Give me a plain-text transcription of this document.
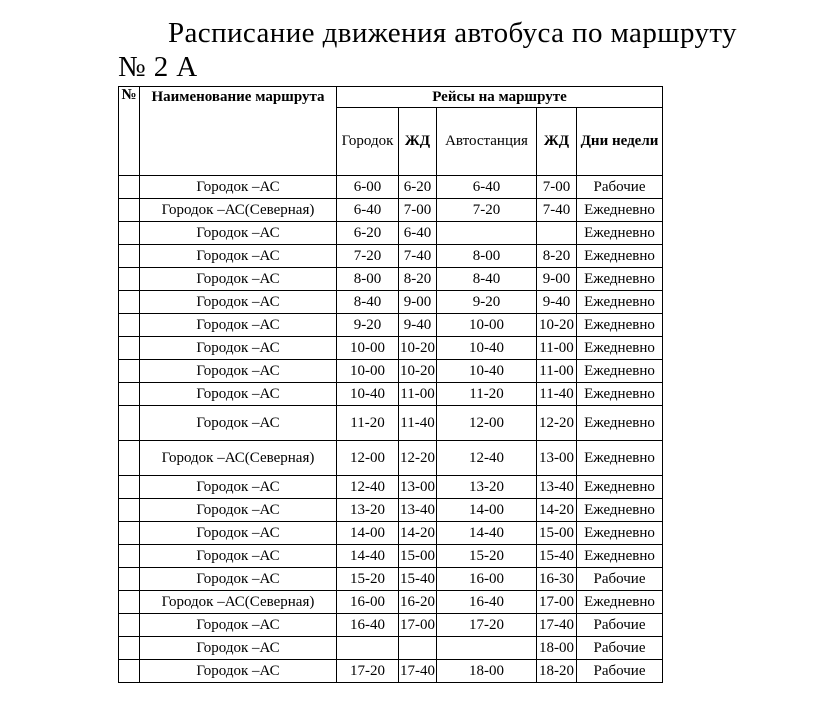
Расписание движения автобуса по маршруту
№ 2 А
№	Наименование маршрута	Рейсы на маршруте				
		Городок	ЖД	Автостанция	ЖД	Дни недели
	Городок –АС	6-00	6-20	6-40	7-00	Рабочие
	Городок –АС(Северная)	6-40	7-00	7-20	7-40	Ежедневно
	Городок –АС	6-20	6-40			Ежедневно
	Городок –АС	7-20	7-40	8-00	8-20	Ежедневно
	Городок –АС	8-00	8-20	8-40	9-00	Ежедневно
	Городок –АС	8-40	9-00	9-20	9-40	Ежедневно
	Городок –АС	9-20	9-40	10-00	10-20	Ежедневно
	Городок –АС	10-00	10-20	10-40	11-00	Ежедневно
	Городок –АС	10-00	10-20	10-40	11-00	Ежедневно
	Городок –АС	10-40	11-00	11-20	11-40	Ежедневно
	Городок –АС	11-20	11-40	12-00	12-20	Ежедневно
	Городок –АС(Северная)	12-00	12-20	12-40	13-00	Ежедневно
	Городок –АС	12-40	13-00	13-20	13-40	Ежедневно
	Городок –АС	13-20	13-40	14-00	14-20	Ежедневно
	Городок –АС	14-00	14-20	14-40	15-00	Ежедневно
	Городок –АС	14-40	15-00	15-20	15-40	Ежедневно
	Городок –АС	15-20	15-40	16-00	16-30	Рабочие
	Городок –АС(Северная)	16-00	16-20	16-40	17-00	Ежедневно
	Городок –АС	16-40	17-00	17-20	17-40	Рабочие
	Городок –АС				18-00	Рабочие
	Городок –АС	17-20	17-40	18-00	18-20	Рабочие
